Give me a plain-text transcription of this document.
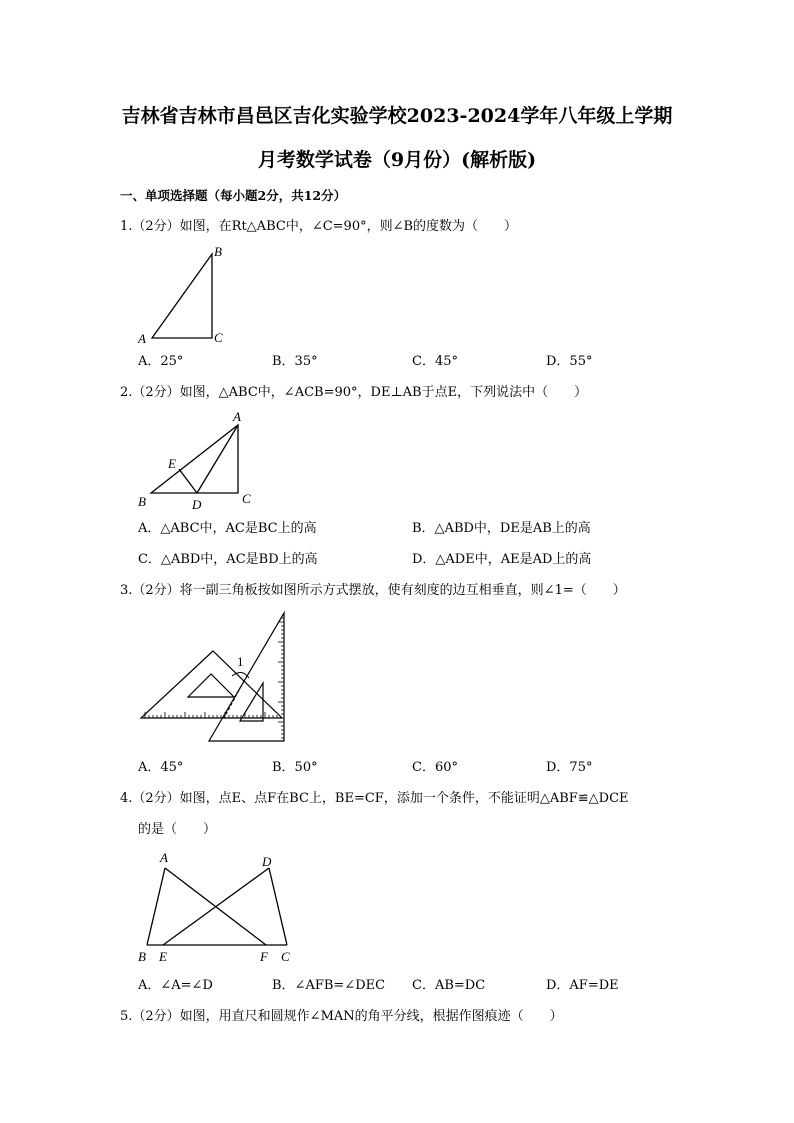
吉林省吉林市昌邑区吉化实验学校2023-2024学年八年级上学期
月考数学试卷（9月份）(解析版)
一、单项选择题（每小题2分，共12分）
1.（2分）如图，在Rt△ABC中，∠C=90°，则∠B的度数为（　　）
A
B
C
A．25°	B．35°	C．45°	D．55°
2.（2分）如图，△ABC中，∠ACB=90°，DE⊥AB于点E，下列说法中（　　）
A
B	C
D
E
A．△ABC中，AC是BC上的高	B．△ABD中，DE是AB上的高
C．△ABD中，AC是BD上的高	D．△ADE中，AE是AD上的高
3.（2分）将一副三角板按如图所示方式摆放，使有刻度的边互相垂直，则∠1=（　　）
1
A．45°	B．50°	C．60°	D．75°
4.（2分）如图，点E、点F在BC上，BE=CF，添加一个条件，不能证明△ABF≌△DCE
的是（　　）
A	D
B E	F C
A．∠A=∠D	B．∠AFB=∠DEC C．AB=DC	D．AF=DE
5.（2分）如图，用直尺和圆规作∠MAN的角平分线，根据作图痕迹（　　）
